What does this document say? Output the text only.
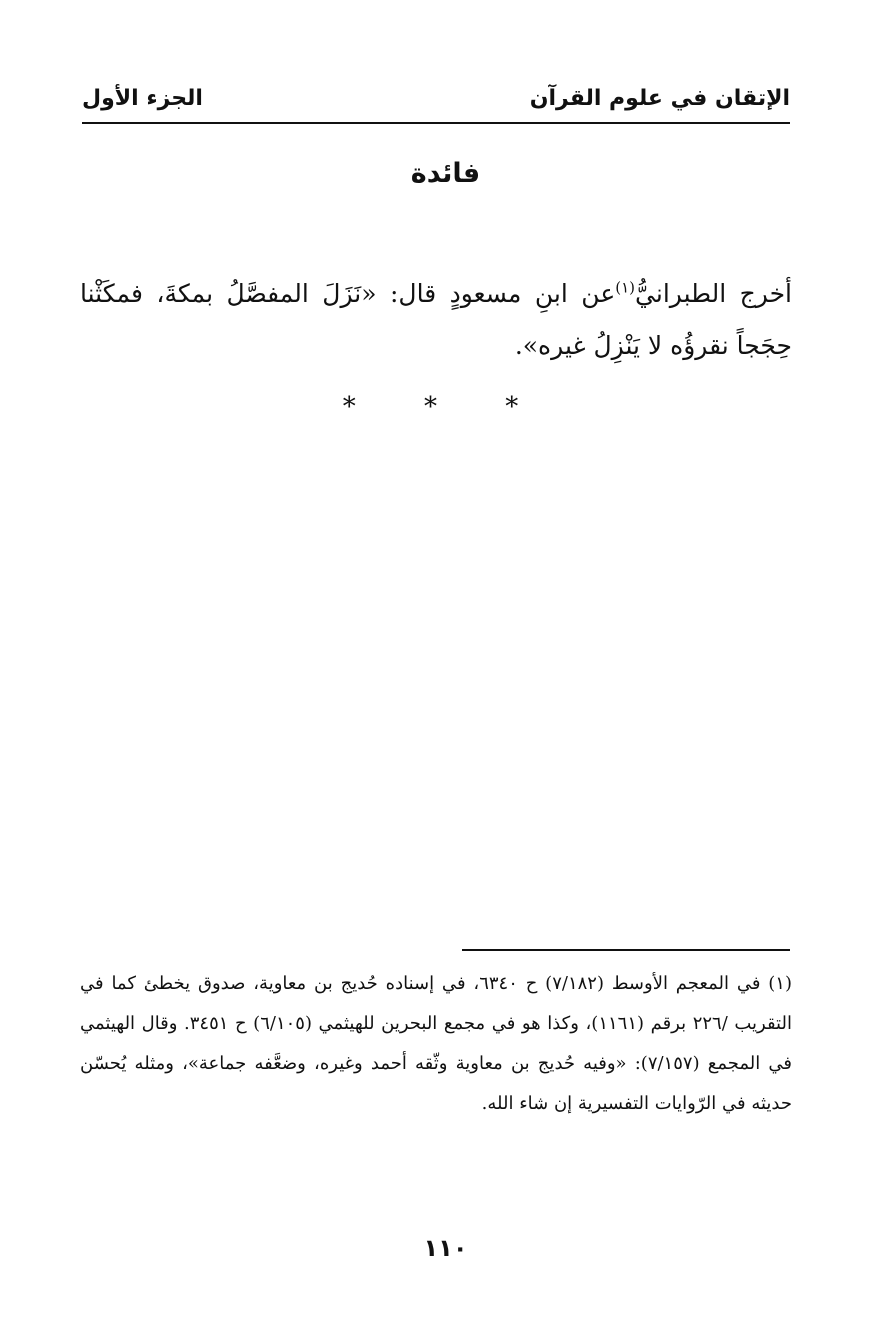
الإتقان في علوم القرآن
الجزء الأول
فائدة
أخرج الطبرانيُّ$^{(١)}$عن ابنِ مسعودٍ قال: «نَزَلَ المفصَّلُ بمكةَ، فمكَثْنا حِجَجاً نقرؤُه لا يَنْزِلُ غيره».
* * *
(١) في المعجم الأوسط (٧/١٨٢) ح ٦٣٤٠، في إسناده حُديج بن معاوية، صدوق يخطئ كما في التقريب /٢٢٦ برقم (١١٦١)، وكذا هو في مجمع البحرين للهيثمي (٦/١٠٥) ح ٣٤٥١. وقال الهيثمي في المجمع (٧/١٥٧): «وفيه حُديج بن معاوية وثّقه أحمد وغيره، وضعَّفه جماعة»، ومثله يُحسّن حديثه في الرّوايات التفسيرية إن شاء الله.
١١٠
